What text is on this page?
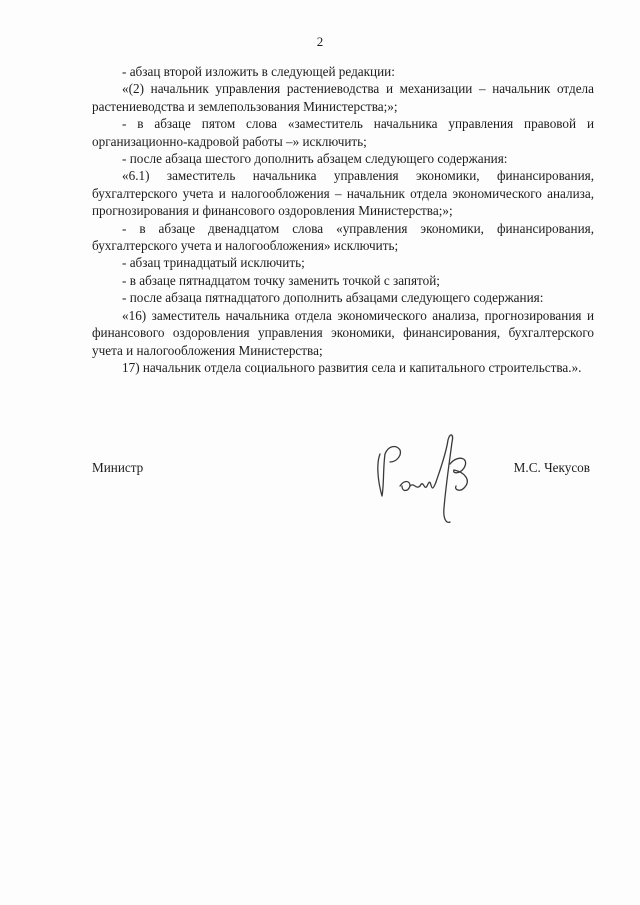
2

- абзац второй изложить в следующей редакции:

«(2) начальник управления растениеводства и механизации – начальник отдела растениеводства и землепользования Министерства;»;

- в абзаце пятом слова «заместитель начальника управления правовой и организационно-кадровой работы –» исключить;

- после абзаца шестого дополнить абзацем следующего содержания:

«6.1) заместитель начальника управления экономики, финансирования, бухгалтерского учета и налогообложения – начальник отдела экономического анализа, прогнозирования и финансового оздоровления Министерства;»;

- в абзаце двенадцатом слова «управления экономики, финансирования, бухгалтерского учета и налогообложения» исключить;

- абзац тринадцатый исключить;

- в абзаце пятнадцатом точку заменить точкой с запятой;

- после абзаца пятнадцатого дополнить абзацами следующего содержания:

«16) заместитель начальника отдела экономического анализа, прогнозирования и финансового оздоровления управления экономики, финансирования, бухгалтерского учета и налогообложения Министерства;

17) начальник отдела социального развития села и капитального строительства.».

Министр	М.С. Чекусов
